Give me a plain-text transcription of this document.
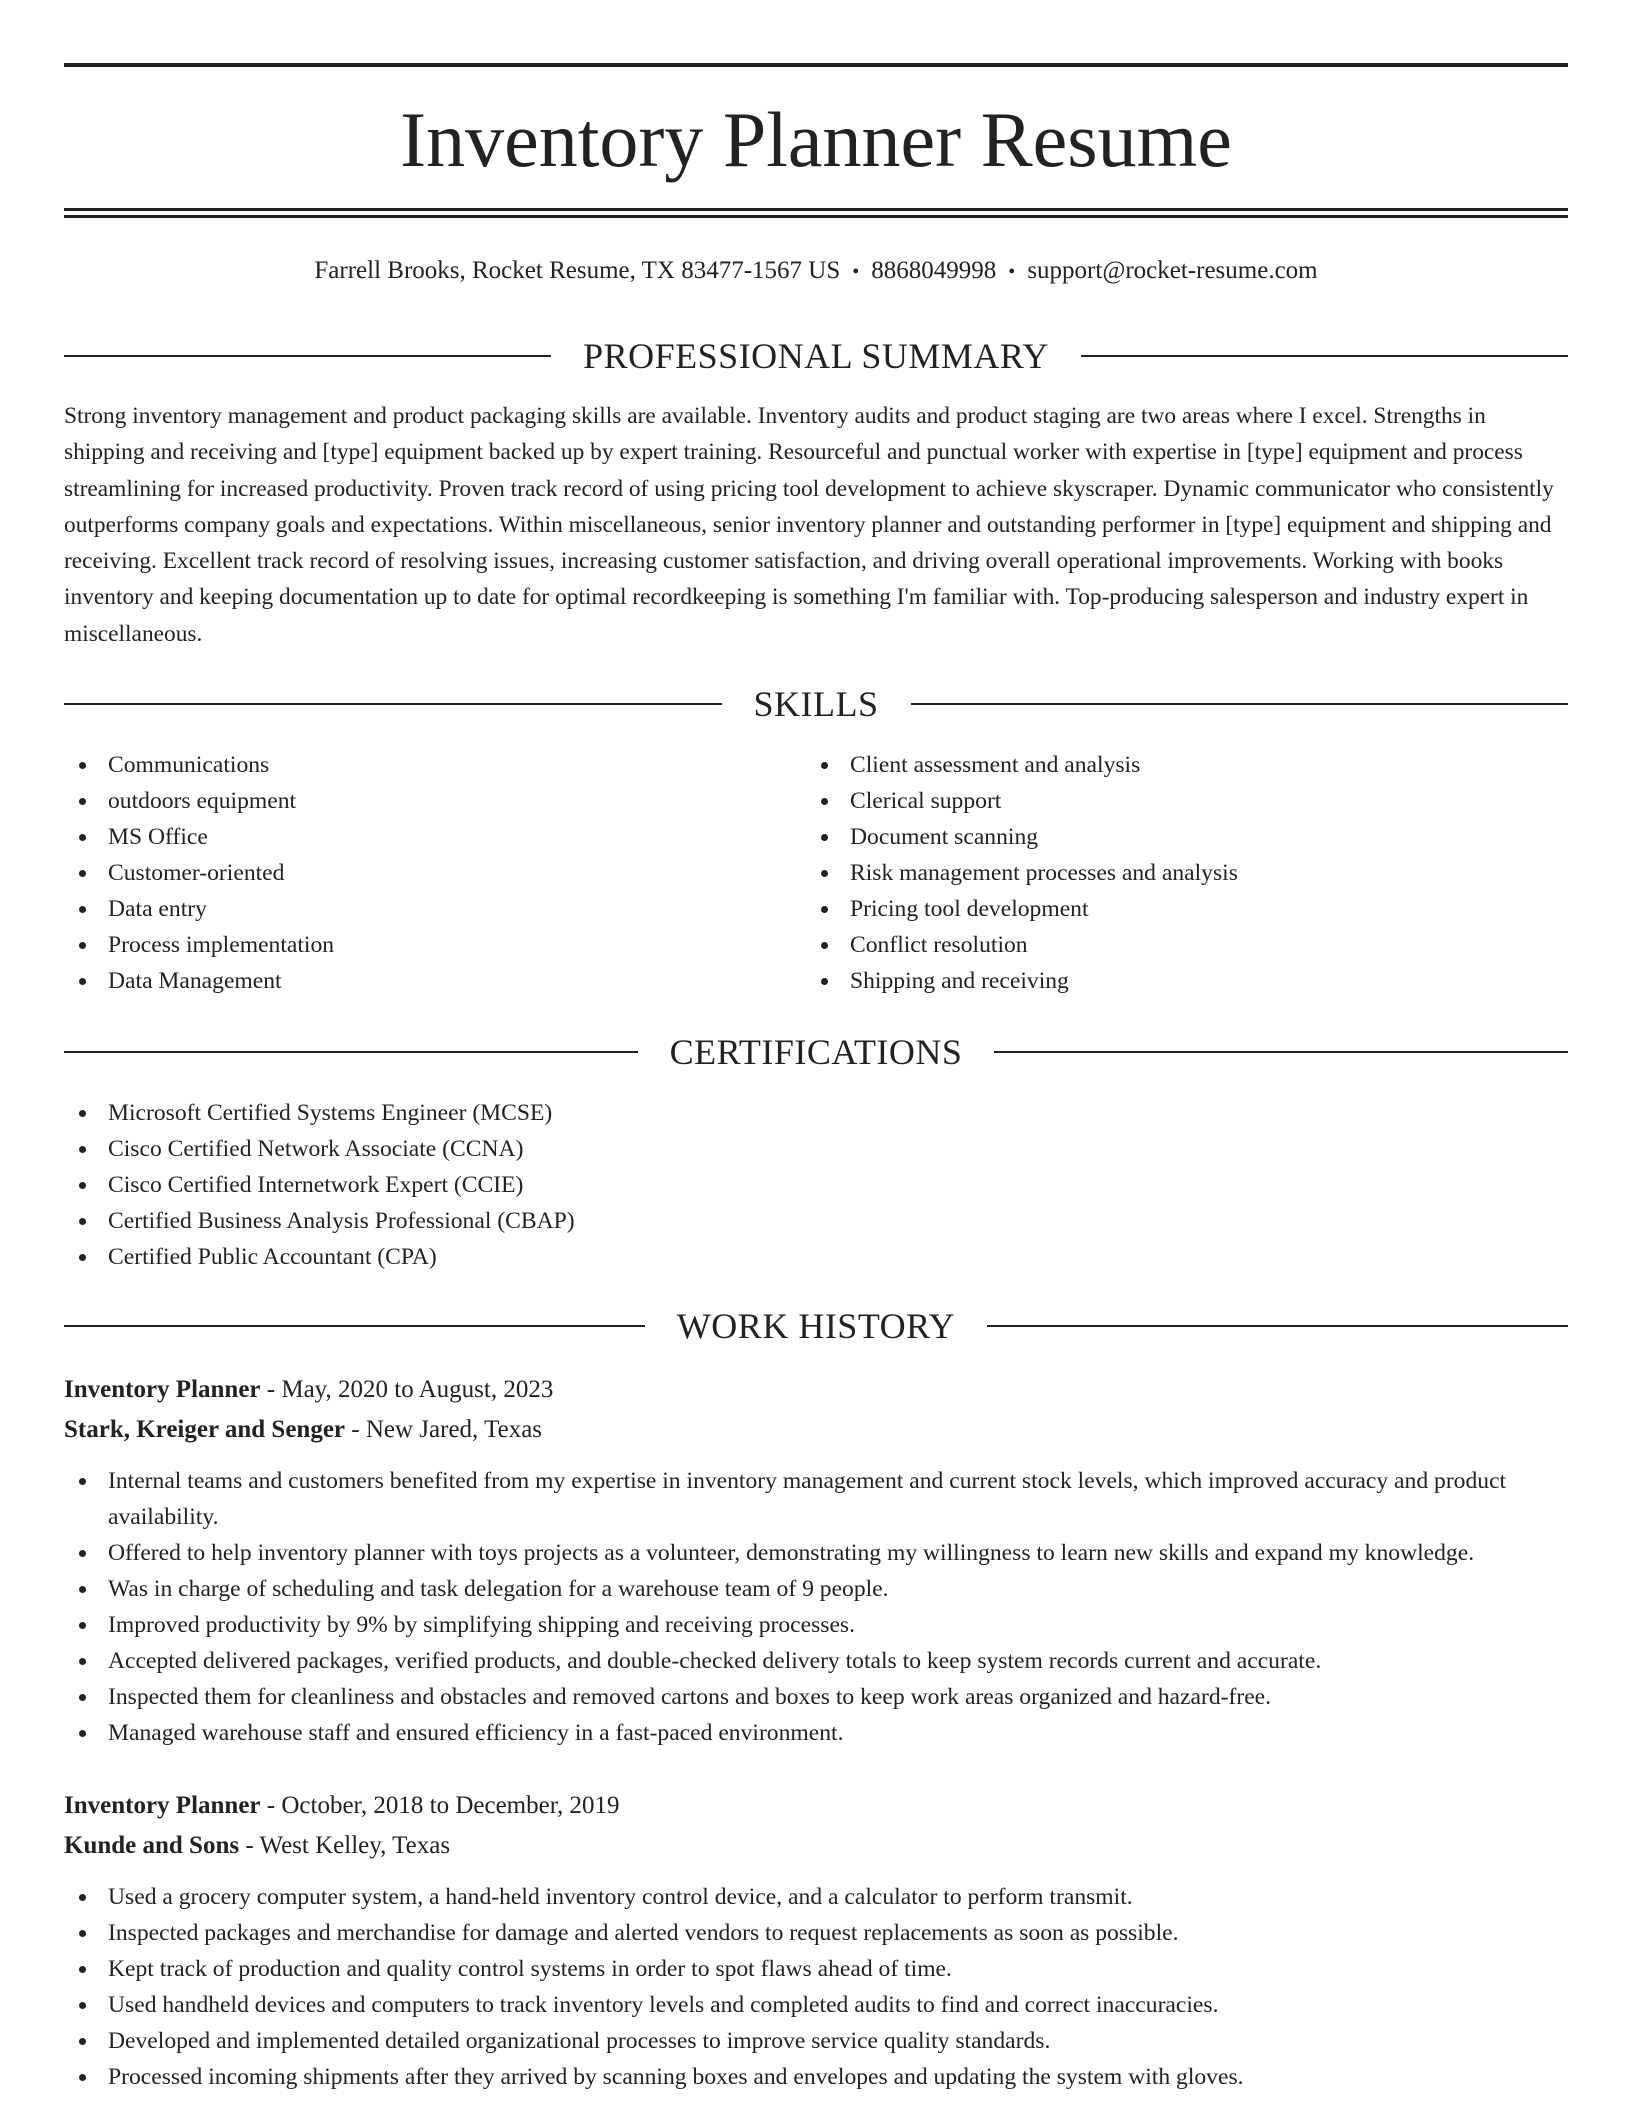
Inventory Planner Resume
Farrell Brooks, Rocket Resume, TX 83477-1567 US • 8868049998 • support@rocket-resume.com
PROFESSIONAL SUMMARY

Strong inventory management and product packaging skills are available. Inventory audits and product staging are two areas where I excel. Strengths in shipping and receiving and [type] equipment backed up by expert training. Resourceful and punctual worker with expertise in [type] equipment and process streamlining for increased productivity. Proven track record of using pricing tool development to achieve skyscraper. Dynamic communicator who consistently outperforms company goals and expectations. Within miscellaneous, senior inventory planner and outstanding performer in [type] equipment and shipping and receiving. Excellent track record of resolving issues, increasing customer satisfaction, and driving overall operational improvements. Working with books inventory and keeping documentation up to date for optimal recordkeeping is something I'm familiar with. Top-producing salesperson and industry expert in miscellaneous.

SKILLS
Communications
outdoors equipment
MS Office
Customer-oriented
Data entry
Process implementation
Data Management
Client assessment and analysis
Clerical support
Document scanning
Risk management processes and analysis
Pricing tool development
Conflict resolution
Shipping and receiving
CERTIFICATIONS
Microsoft Certified Systems Engineer (MCSE)
Cisco Certified Network Associate (CCNA)
Cisco Certified Internetwork Expert (CCIE)
Certified Business Analysis Professional (CBAP)
Certified Public Accountant (CPA)
WORK HISTORY
Inventory Planner - May, 2020 to August, 2023
Stark, Kreiger and Senger - New Jared, Texas
Internal teams and customers benefited from my expertise in inventory management and current stock levels, which improved accuracy and product availability.
Offered to help inventory planner with toys projects as a volunteer, demonstrating my willingness to learn new skills and expand my knowledge.
Was in charge of scheduling and task delegation for a warehouse team of 9 people.
Improved productivity by 9% by simplifying shipping and receiving processes.
Accepted delivered packages, verified products, and double-checked delivery totals to keep system records current and accurate.
Inspected them for cleanliness and obstacles and removed cartons and boxes to keep work areas organized and hazard-free.
Managed warehouse staff and ensured efficiency in a fast-paced environment.
Inventory Planner - October, 2018 to December, 2019
Kunde and Sons - West Kelley, Texas
Used a grocery computer system, a hand-held inventory control device, and a calculator to perform transmit.
Inspected packages and merchandise for damage and alerted vendors to request replacements as soon as possible.
Kept track of production and quality control systems in order to spot flaws ahead of time.
Used handheld devices and computers to track inventory levels and completed audits to find and correct inaccuracies.
Developed and implemented detailed organizational processes to improve service quality standards.
Processed incoming shipments after they arrived by scanning boxes and envelopes and updating the system with gloves.
